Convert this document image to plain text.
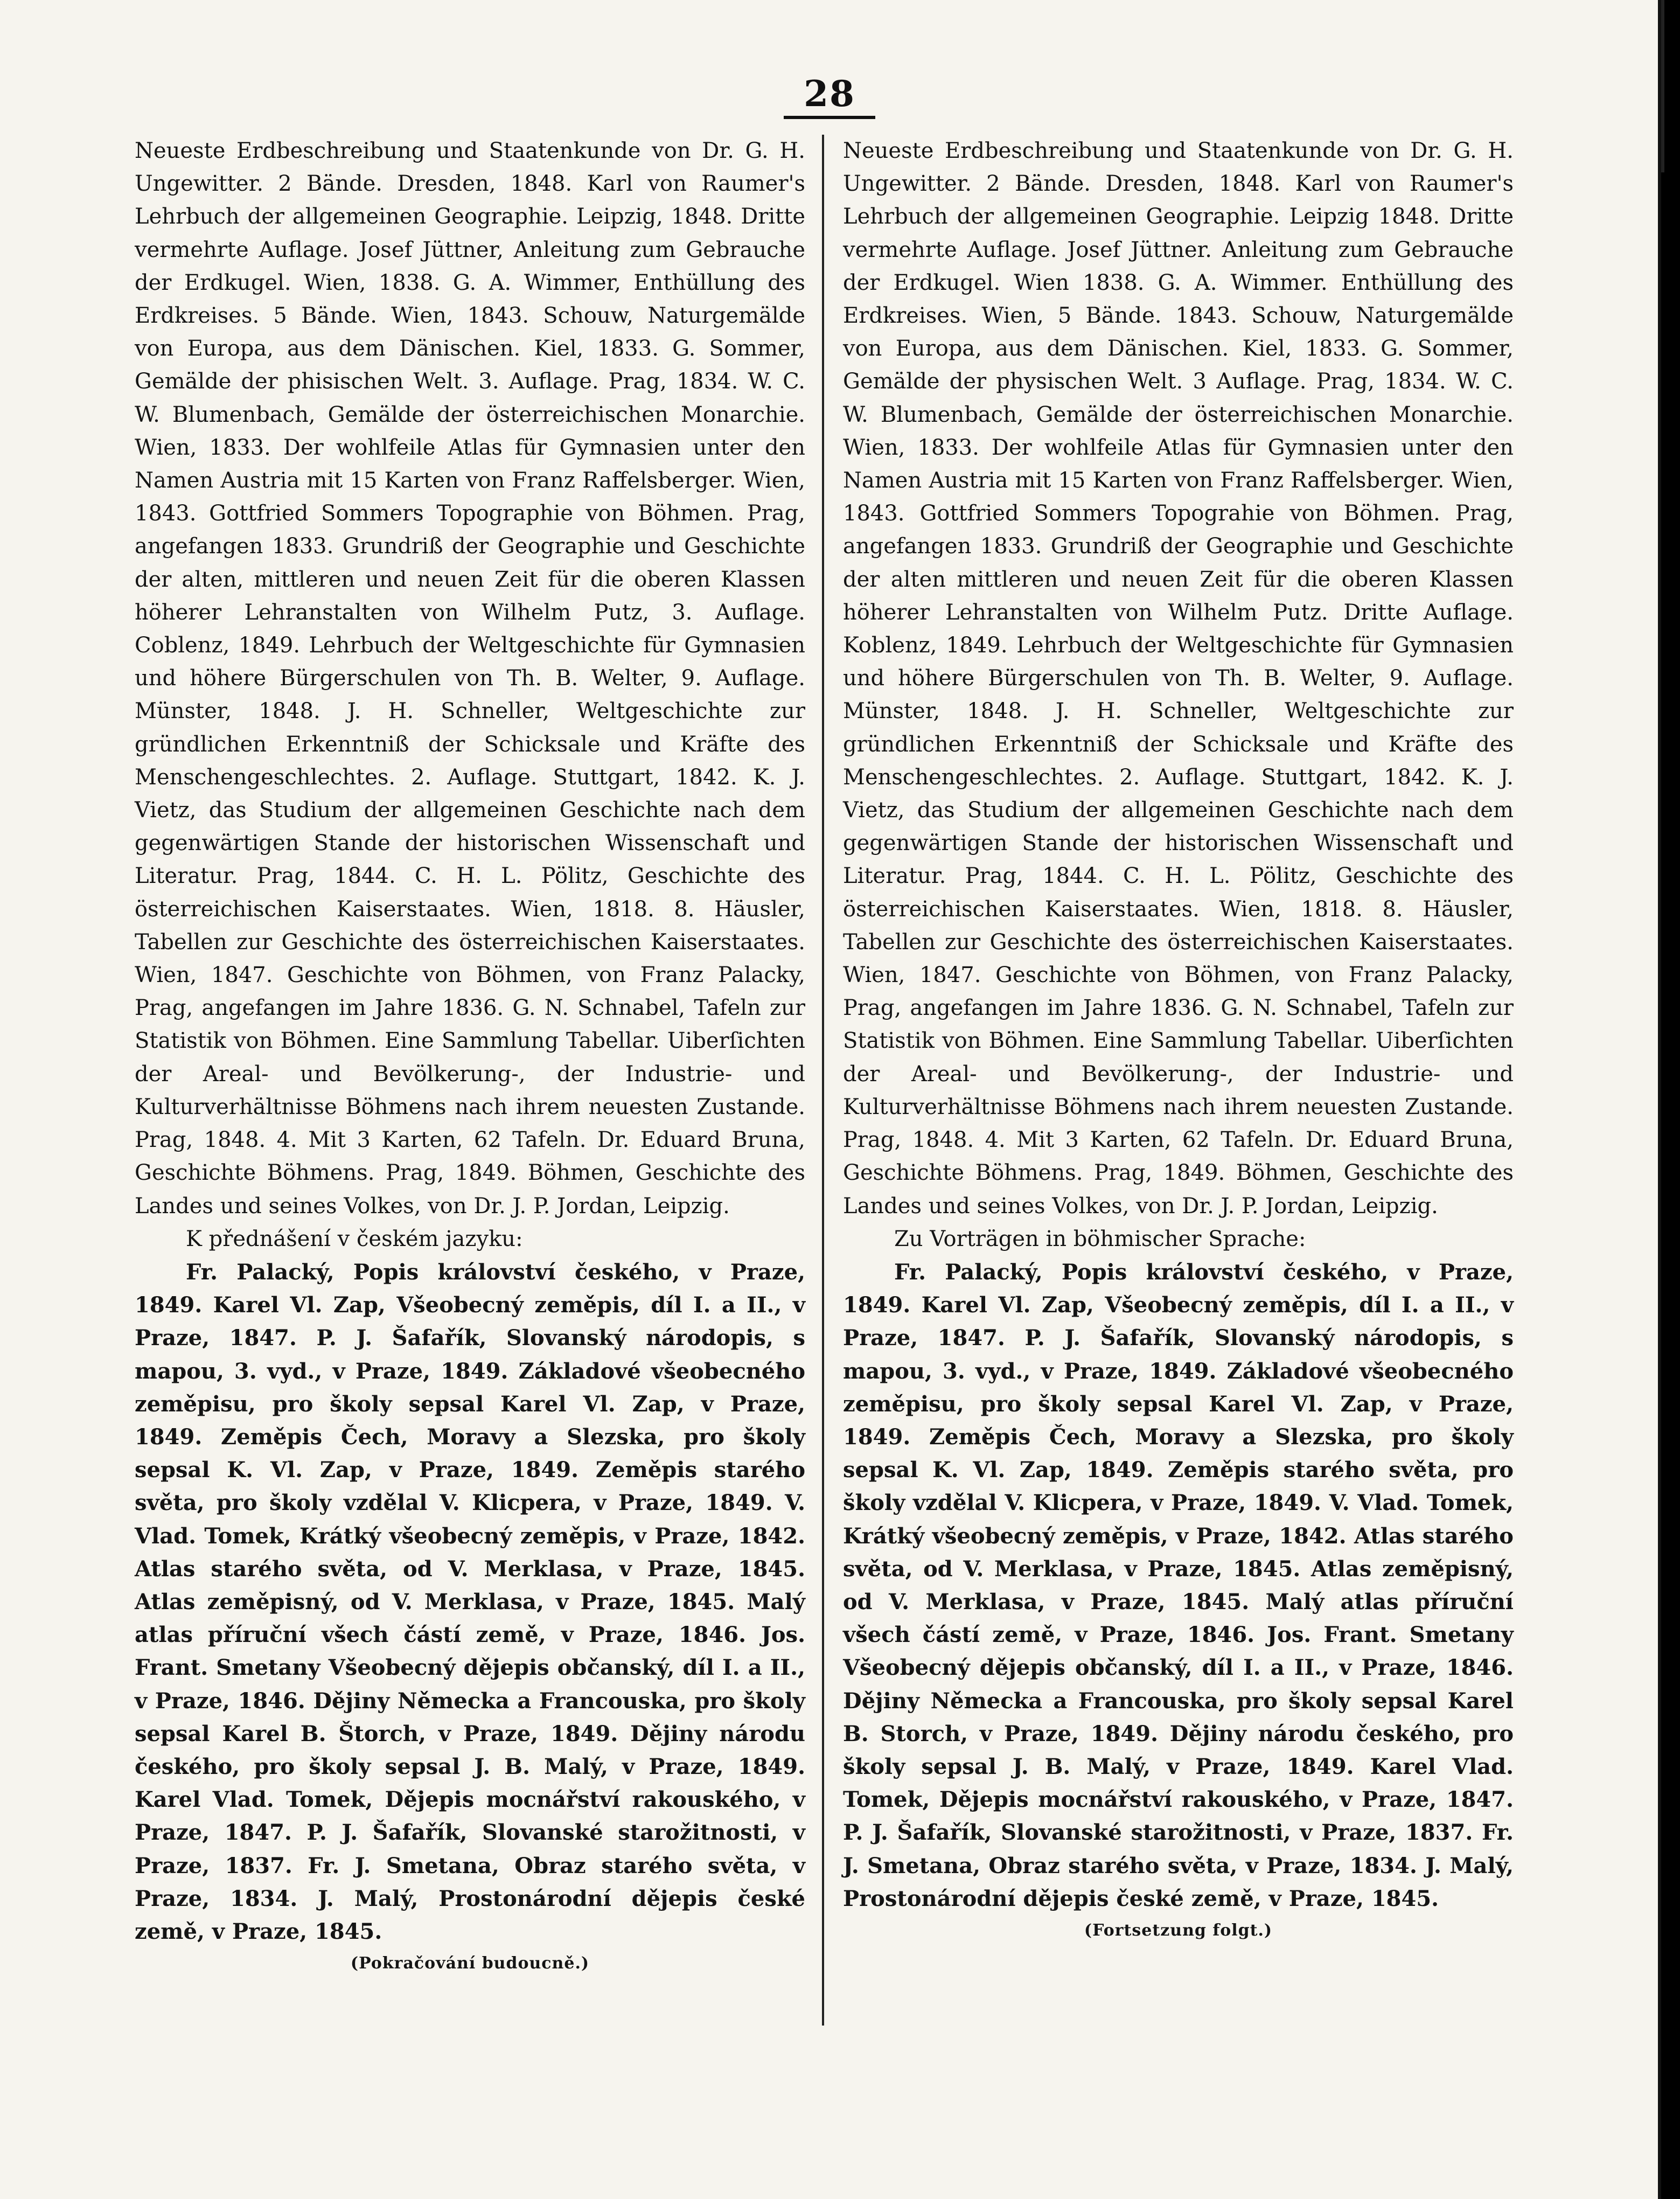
28

Neueste Erdbeschreibung und Staatenkunde von Dr. G. H. Ungewitter. 2 Bände. Dresden, 1848. Karl von Raumer's Lehrbuch der allgemeinen Geographie. Leipzig, 1848. Dritte vermehrte Auflage. Josef Jüttner, Anleitung zum Gebrauche der Erdkugel. Wien, 1838. G. A. Wimmer, Enthüllung des Erdkreises. 5 Bände. Wien, 1843. Schouw, Naturgemälde von Europa, aus dem Dänischen. Kiel, 1833. G. Sommer, Gemälde der phisischen Welt. 3. Auflage. Prag, 1834. W. C. W. Blumenbach, Gemälde der österreichischen Monarchie. Wien, 1833. Der wohlfeile Atlas für Gymnasien unter den Namen Austria mit 15 Karten von Franz Raffelsberger. Wien, 1843. Gottfried Sommers Topographie von Böhmen. Prag, angefangen 1833. Grundriß der Geographie und Geschichte der alten, mittleren und neuen Zeit für die oberen Klassen höherer Lehranstalten von Wilhelm Putz, 3. Auflage. Coblenz, 1849. Lehrbuch der Weltgeschichte für Gymnasien und höhere Bürgerschulen von Th. B. Welter, 9. Auflage. Münster, 1848. J. H. Schneller, Weltgeschichte zur gründlichen Erkenntniß der Schicksale und Kräfte des Menschengeschlechtes. 2. Auflage. Stuttgart, 1842. K. J. Vietz, das Studium der allgemeinen Geschichte nach dem gegenwärtigen Stande der historischen Wissenschaft und Literatur. Prag, 1844. C. H. L. Pölitz, Geschichte des österreichischen Kaiserstaates. Wien, 1818. 8. Häusler, Tabellen zur Geschichte des österreichischen Kaiserstaates. Wien, 1847. Geschichte von Böhmen, von Franz Palacky, Prag, angefangen im Jahre 1836. G. N. Schnabel, Tafeln zur Statistik von Böhmen. Eine Sammlung Tabellar. Uiberſichten der Areal- und Bevölkerung-, der Industrie- und Kulturverhältnisse Böhmens nach ihrem neuesten Zustande. Prag, 1848. 4. Mit 3 Karten, 62 Tafeln. Dr. Eduard Bruna, Geschichte Böhmens. Prag, 1849. Böhmen, Geschichte des Landes und seines Volkes, von Dr. J. P. Jordan, Leipzig.

K přednášení v českém jazyku:

Fr. Palacký, Popis království českého, v Praze, 1849. Karel Vl. Zap, Všeobecný zeměpis, díl I. a II., v Praze, 1847. P. J. Šafařík, Slovanský národopis, s mapou, 3. vyd., v Praze, 1849. Základové všeobecného zeměpisu, pro školy sepsal Karel Vl. Zap, v Praze, 1849. Zeměpis Čech, Moravy a Slezska, pro školy sepsal K. Vl. Zap, v Praze, 1849. Zeměpis starého světa, pro školy vzdělal V. Klicpera, v Praze, 1849. V. Vlad. Tomek, Krátký všeobecný zeměpis, v Praze, 1842. Atlas starého světa, od V. Merklasa, v Praze, 1845. Atlas zeměpisný, od V. Merklasa, v Praze, 1845. Malý atlas příruční všech částí země, v Praze, 1846. Jos. Frant. Smetany Všeobecný dějepis občanský, díl I. a II., v Praze, 1846. Dějiny Německa a Francouska, pro školy sepsal Karel B. Štorch, v Praze, 1849. Dějiny národu českého, pro školy sepsal J. B. Malý, v Praze, 1849. Karel Vlad. Tomek, Dějepis mocnářství rakouského, v Praze, 1847. P. J. Šafařík, Slovanské starožitnosti, v Praze, 1837. Fr. J. Smetana, Obraz starého světa, v Praze, 1834. J. Malý, Prostonárodní dějepis české země, v Praze, 1845.

(Pokračování budoucně.)

Neueste Erdbeschreibung und Staatenkunde von Dr. G. H. Ungewitter. 2 Bände. Dresden, 1848. Karl von Raumer's Lehrbuch der allgemeinen Geographie. Leipzig 1848. Dritte vermehrte Auflage. Josef Jüttner. Anleitung zum Gebrauche der Erdkugel. Wien 1838. G. A. Wimmer. Enthüllung des Erdkreises. Wien, 5 Bände. 1843. Schouw, Naturgemälde von Europa, aus dem Dänischen. Kiel, 1833. G. Sommer, Gemälde der physischen Welt. 3 Auflage. Prag, 1834. W. C. W. Blumenbach, Gemälde der österreichischen Monarchie. Wien, 1833. Der wohlfeile Atlas für Gymnasien unter den Namen Austria mit 15 Karten von Franz Raffelsberger. Wien, 1843. Gottfried Sommers Topograhie von Böhmen. Prag, angefangen 1833. Grundriß der Geographie und Geschichte der alten mittleren und neuen Zeit für die oberen Klassen höherer Lehranstalten von Wilhelm Putz. Dritte Auflage. Koblenz, 1849. Lehrbuch der Weltgeschichte für Gymnasien und höhere Bürgerschulen von Th. B. Welter, 9. Auflage. Münster, 1848. J. H. Schneller, Weltgeschichte zur gründlichen Erkenntniß der Schicksale und Kräfte des Menschengeschlechtes. 2. Auflage. Stuttgart, 1842. K. J. Vietz, das Studium der allgemeinen Geschichte nach dem gegenwärtigen Stande der historischen Wissenschaft und Literatur. Prag, 1844. C. H. L. Pölitz, Geschichte des österreichischen Kaiserstaates. Wien, 1818. 8. Häusler, Tabellen zur Geschichte des österreichischen Kaiserstaates. Wien, 1847. Geschichte von Böhmen, von Franz Palacky, Prag, angefangen im Jahre 1836. G. N. Schnabel, Tafeln zur Statistik von Böhmen. Eine Sammlung Tabellar. Uiberſichten der Areal- und Bevölkerung-, der Industrie- und Kulturverhältnisse Böhmens nach ihrem neuesten Zustande. Prag, 1848. 4. Mit 3 Karten, 62 Tafeln. Dr. Eduard Bruna, Geschichte Böhmens. Prag, 1849. Böhmen, Geschichte des Landes und seines Volkes, von Dr. J. P. Jordan, Leipzig.

Zu Vorträgen in böhmischer Sprache:

Fr. Palacký, Popis království českého, v Praze, 1849. Karel Vl. Zap, Všeobecný zeměpis, díl I. a II., v Praze, 1847. P. J. Šafařík, Slovanský národopis, s mapou, 3. vyd., v Praze, 1849. Základové všeobecného zeměpisu, pro školy sepsal Karel Vl. Zap, v Praze, 1849. Zeměpis Čech, Moravy a Slezska, pro školy sepsal K. Vl. Zap, 1849. Zeměpis starého světa, pro školy vzdělal V. Klicpera, v Praze, 1849. V. Vlad. Tomek, Krátký všeobecný zeměpis, v Praze, 1842. Atlas starého světa, od V. Merklasa, v Praze, 1845. Atlas zeměpisný, od V. Merklasa, v Praze, 1845. Malý atlas příruční všech částí země, v Praze, 1846. Jos. Frant. Smetany Všeobecný dějepis občanský, díl I. a II., v Praze, 1846. Dějiny Německa a Francouska, pro školy sepsal Karel B. Storch, v Praze, 1849. Dějiny národu českého, pro školy sepsal J. B. Malý, v Praze, 1849. Karel Vlad. Tomek, Dějepis mocnářství rakouského, v Praze, 1847. P. J. Šafařík, Slovanské starožitnosti, v Praze, 1837. Fr. J. Smetana, Obraz starého světa, v Praze, 1834. J. Malý, Prostonárodní dějepis české země, v Praze, 1845.

(Fortsetzung folgt.)
